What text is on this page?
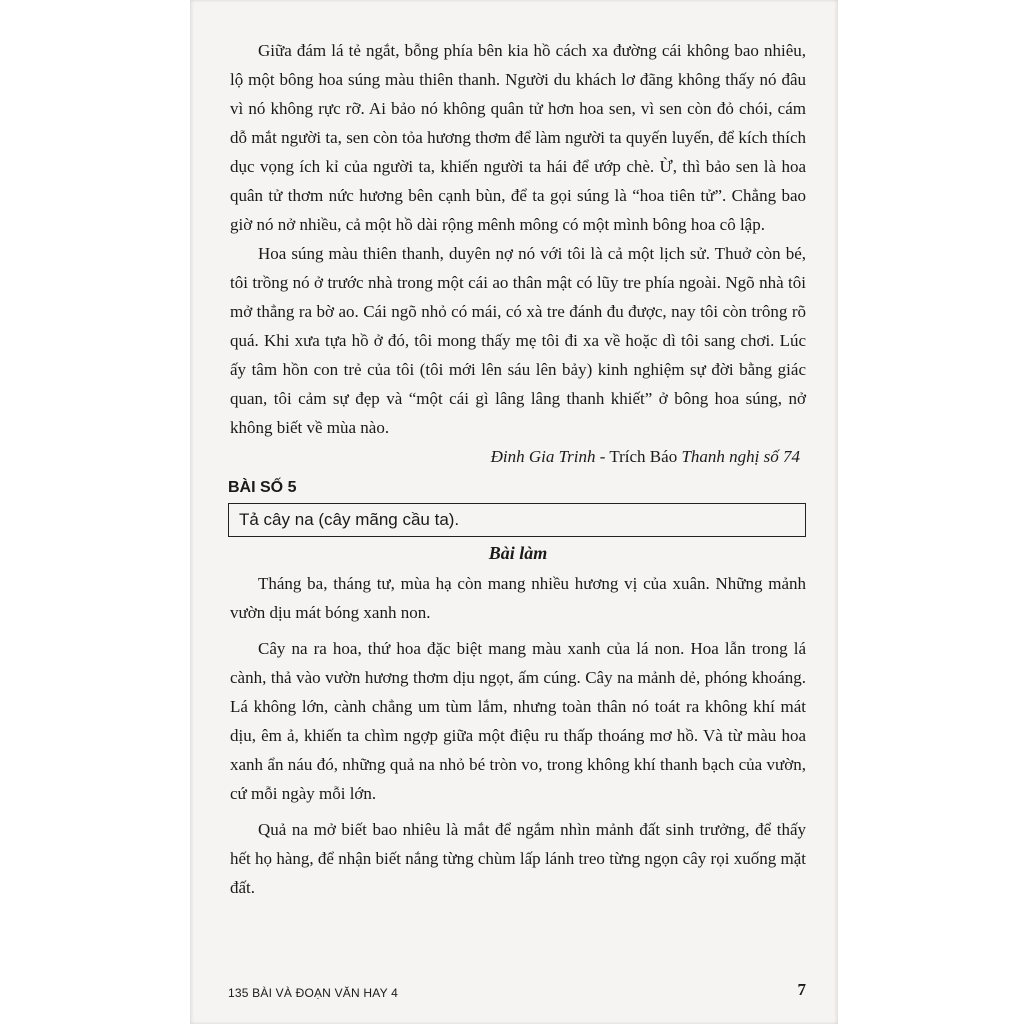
Giữa đám lá tẻ ngắt, bỗng phía bên kia hồ cách xa đường cái không bao nhiêu, lộ một bông hoa súng màu thiên thanh. Người du khách lơ đãng không thấy nó đâu vì nó không rực rỡ. Ai bảo nó không quân tử hơn hoa sen, vì sen còn đỏ chói, cám dỗ mắt người ta, sen còn tỏa hương thơm để làm người ta quyến luyến, để kích thích dục vọng ích kỉ của người ta, khiến người ta hái để ướp chè. Ừ, thì bảo sen là hoa quân tử thơm nức hương bên cạnh bùn, để ta gọi súng là “hoa tiên tử”. Chẳng bao giờ nó nở nhiều, cả một hồ dài rộng mênh mông có một mình bông hoa cô lập.

Hoa súng màu thiên thanh, duyên nợ nó với tôi là cả một lịch sử. Thuở còn bé, tôi trồng nó ở trước nhà trong một cái ao thân mật có lũy tre phía ngoài. Ngõ nhà tôi mở thẳng ra bờ ao. Cái ngõ nhỏ có mái, có xà tre đánh đu được, nay tôi còn trông rõ quá. Khi xưa tựa hồ ở đó, tôi mong thấy mẹ tôi đi xa về hoặc dì tôi sang chơi. Lúc ấy tâm hồn con trẻ của tôi (tôi mới lên sáu lên bảy) kinh nghiệm sự đời bằng giác quan, tôi cảm sự đẹp và “một cái gì lâng lâng thanh khiết” ở bông hoa súng, nở không biết về mùa nào.

Đinh Gia Trinh - Trích Báo Thanh nghị số 74

BÀI SỐ 5
Tả cây na (cây mãng cầu ta).
Bài làm

Tháng ba, tháng tư, mùa hạ còn mang nhiều hương vị của xuân. Những mảnh vườn dịu mát bóng xanh non.

Cây na ra hoa, thứ hoa đặc biệt mang màu xanh của lá non. Hoa lẫn trong lá cành, thả vào vườn hương thơm dịu ngọt, ấm cúng. Cây na mảnh dẻ, phóng khoáng. Lá không lớn, cành chẳng um tùm lắm, nhưng toàn thân nó toát ra không khí mát dịu, êm ả, khiến ta chìm ngợp giữa một điệu ru thấp thoáng mơ hồ. Và từ màu hoa xanh ẩn náu đó, những quả na nhỏ bé tròn vo, trong không khí thanh bạch của vườn, cứ mỗi ngày mỗi lớn.

Quả na mở biết bao nhiêu là mắt để ngắm nhìn mảnh đất sinh trưởng, để thấy hết họ hàng, để nhận biết nắng từng chùm lấp lánh treo từng ngọn cây rọi xuống mặt đất.

135 BÀI VÀ ĐOẠN VĂN HAY 4	7
